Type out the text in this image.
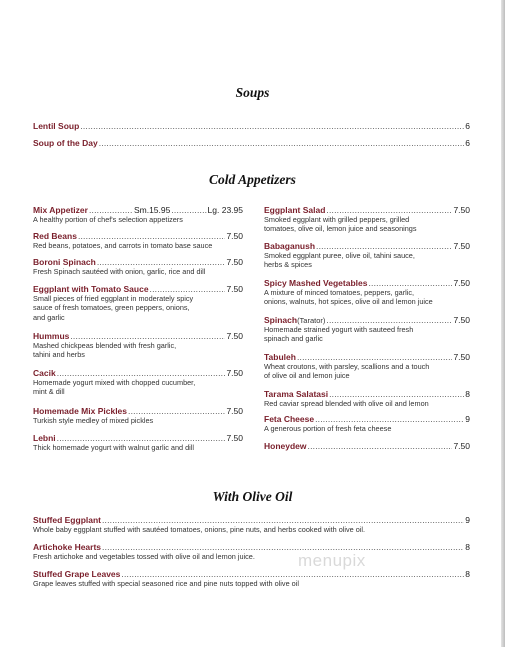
Soups
Lentil Soup .....	6
Soup of the Day .....	6
Cold Appetizers
Mix Appetizer .....	Sm.15.95 .....	Lg. 23.95
A healthy portion of chef's selection appetizers
Red Beans .....	7.50
Red beans, potatoes, and carrots in tomato base sauce
Boroni Spinach .....	7.50
Fresh Spinach sautéed with onion, garlic, rice and dill
Eggplant with Tomato Sauce .....	7.50
Small pieces of fried eggplant in moderately spicy
sauce of fresh tomatoes, green peppers, onions,
and garlic
Hummus .....	7.50
Mashed chickpeas blended with fresh garlic,
tahini and herbs
Cacik .....	7.50
Homemade yogurt mixed with chopped cucumber,
mint & dill
Homemade Mix Pickles .....	7.50
Turkish style medley of mixed pickles
Lebni .....	7.50
Thick homemade yogurt with walnut garlic and dill
Eggplant Salad .....	7.50
Smoked eggplant with grilled peppers, grilled
tomatoes, olive oil, lemon juice and seasonings
Babaganush .....	7.50
Smoked eggplant puree, olive oil, tahini sauce,
herbs & spices
Spicy Mashed Vegetables .....	7.50
A mixture of minced tomatoes, peppers, garlic,
onions, walnuts, hot spices, olive oil and lemon juice
Spinach (Tarator) .....	7.50
Homemade strained yogurt with sauteed fresh
spinach and garlic
Tabuleh .....	7.50
Wheat croutons, with parsley, scallions and a touch
of olive oil and lemon juice
Tarama Salatasi .....	8
Red caviar spread blended with olive oil and lemon
Feta Cheese .....	9
A generous portion of fresh feta cheese
Honeydew .....	7.50
With Olive Oil
Stuffed Eggplant .....	9
Whole baby eggplant stuffed with sautéed tomatoes, onions, pine nuts, and herbs cooked with olive oil.
Artichoke Hearts .....	8
Fresh artichoke and vegetables tossed with olive oil and lemon juice.
Stuffed Grape Leaves .....	8
Grape leaves stuffed with special seasoned rice and pine nuts topped with olive oil
menupix
